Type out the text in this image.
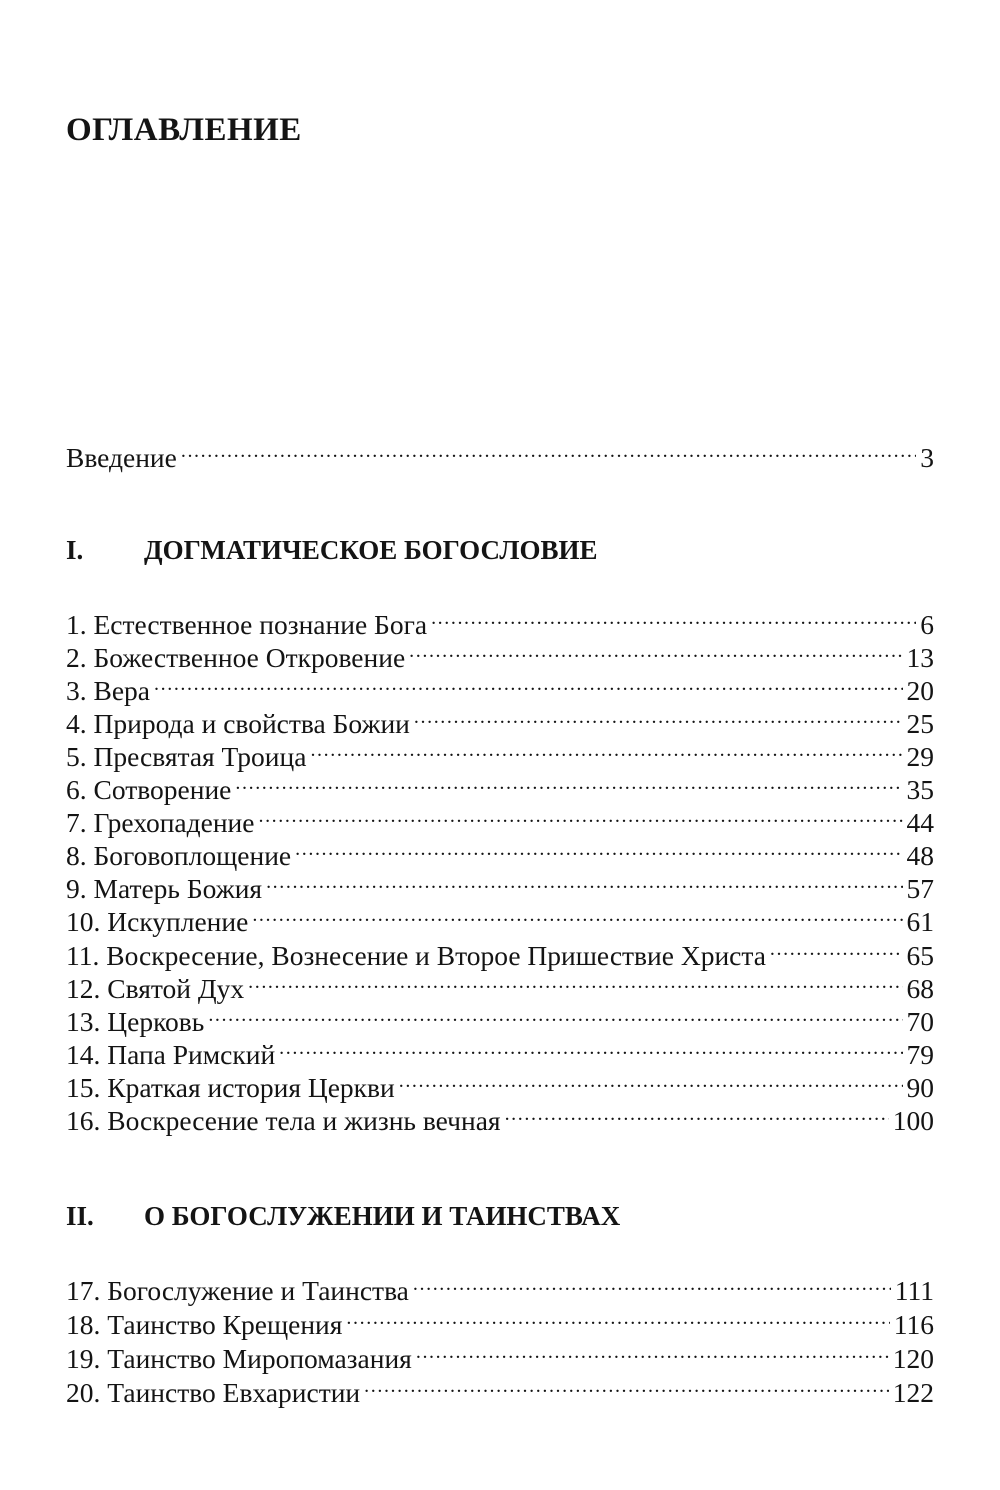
ОГЛАВЛЕНИЕ
Введение .....	3
I. ДОГМАТИЧЕСКОЕ БОГОСЛОВИЕ
1. Естественное познание Бога .....	6
2. Божественное Откровение .....	13
3. Вера .....	20
4. Природа и свойства Божии .....	25
5. Пресвятая Троица .....	29
6. Сотворение .....	35
7. Грехопадение .....	44
8. Боговоплощение .....	48
9. Матерь Божия .....	57
10. Искупление .....	61
11. Воскресение, Вознесение и Второе Пришествие Христа .....	65
12. Святой Дух .....	68
13. Церковь .....	70
14. Папа Римский .....	79
15. Краткая история Церкви .....	90
16. Воскресение тела и жизнь вечная .....	100
II. О БОГОСЛУЖЕНИИ И ТАИНСТВАХ
17. Богослужение и Таинства .....	111
18. Таинство Крещения .....	116
19. Таинство Миропомазания .....	120
20. Таинство Евхаристии .....	122
